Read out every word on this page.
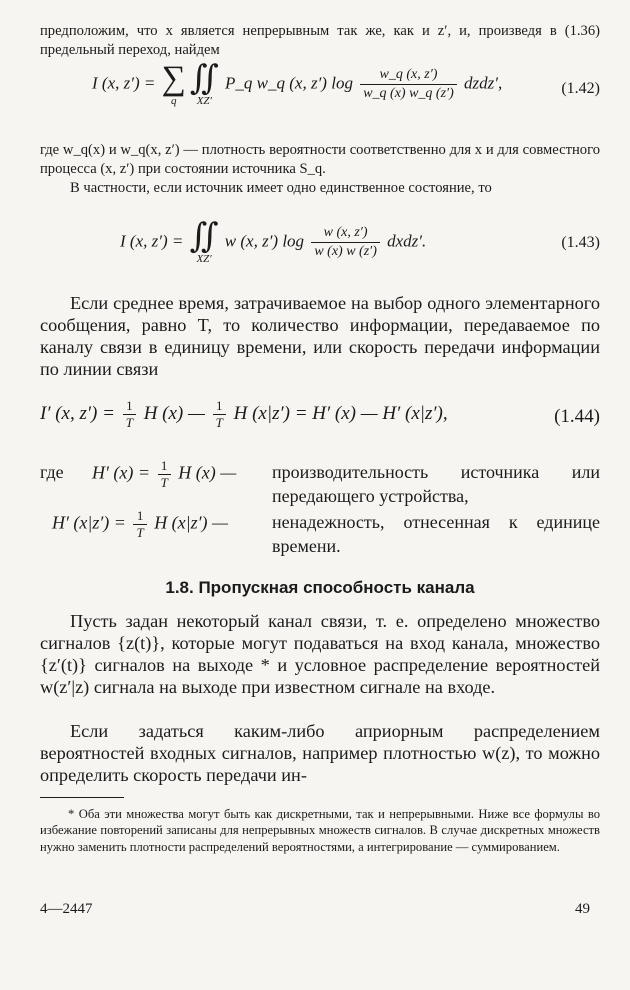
предположим, что x является непрерывным так же, как и z′, и, произведя в (1.36) предельный переход, найдем
I (x, z′) = ∑
q
∬
XZ′
P_q w_q (x, z′) $\log \frac{w\_q (x, z')}{w\_q (x) w\_q (z')}$ dzdz′,	(1.42)
где w_q(x) и w_q(x, z′) — плотность вероятности соответственно для x и для совместного процесса (x, z′) при состоянии источника S_q.
В частности, если источник имеет одно единственное состояние, то
I (x, z′) = ∬
XZ′
w (x, z′) $\log \frac{w (x, z')}{w (x) w (z')}$ dxdz′.	(1.43)
Если среднее время, затрачиваемое на выбор одного элементарного сообщения, равно T, то количество информации, передаваемое по каналу связи в единицу времени, или скорость передачи информации по линии связи
I′ (x, $z') = \frac{1}{T}$ H (x) — $\frac{1}{T}$ H (x|z′) = H′ (x) — H′ (x|z′),	(1.44)
где H′ $(x) = \frac{1}{T}$ H (x) — производительность источника или передающего устройства,
H′ $(x|z') = \frac{1}{T}$ H (x|z′) — ненадежность, отнесенная к единице времени.
1.8. Пропускная способность канала
Пусть задан некоторый канал связи, т. е. определено множество сигналов {z(t)}, которые могут подаваться на вход канала, множество {z′(t)} сигналов на выходе * и условное распределение вероятностей w(z′|z) сигнала на выходе при известном сигнале на входе.
Если задаться каким-либо априорным распределением вероятностей входных сигналов, например плотностью w(z), то можно определить скорость передачи ин-
* Оба эти множества могут быть как дискретными, так и непрерывными. Ниже все формулы во избежание повторений записаны для непрерывных множеств сигналов. В случае дискретных множеств нужно заменить плотности распределений вероятностями, а интегрирование — суммированием.
4—2447	49
